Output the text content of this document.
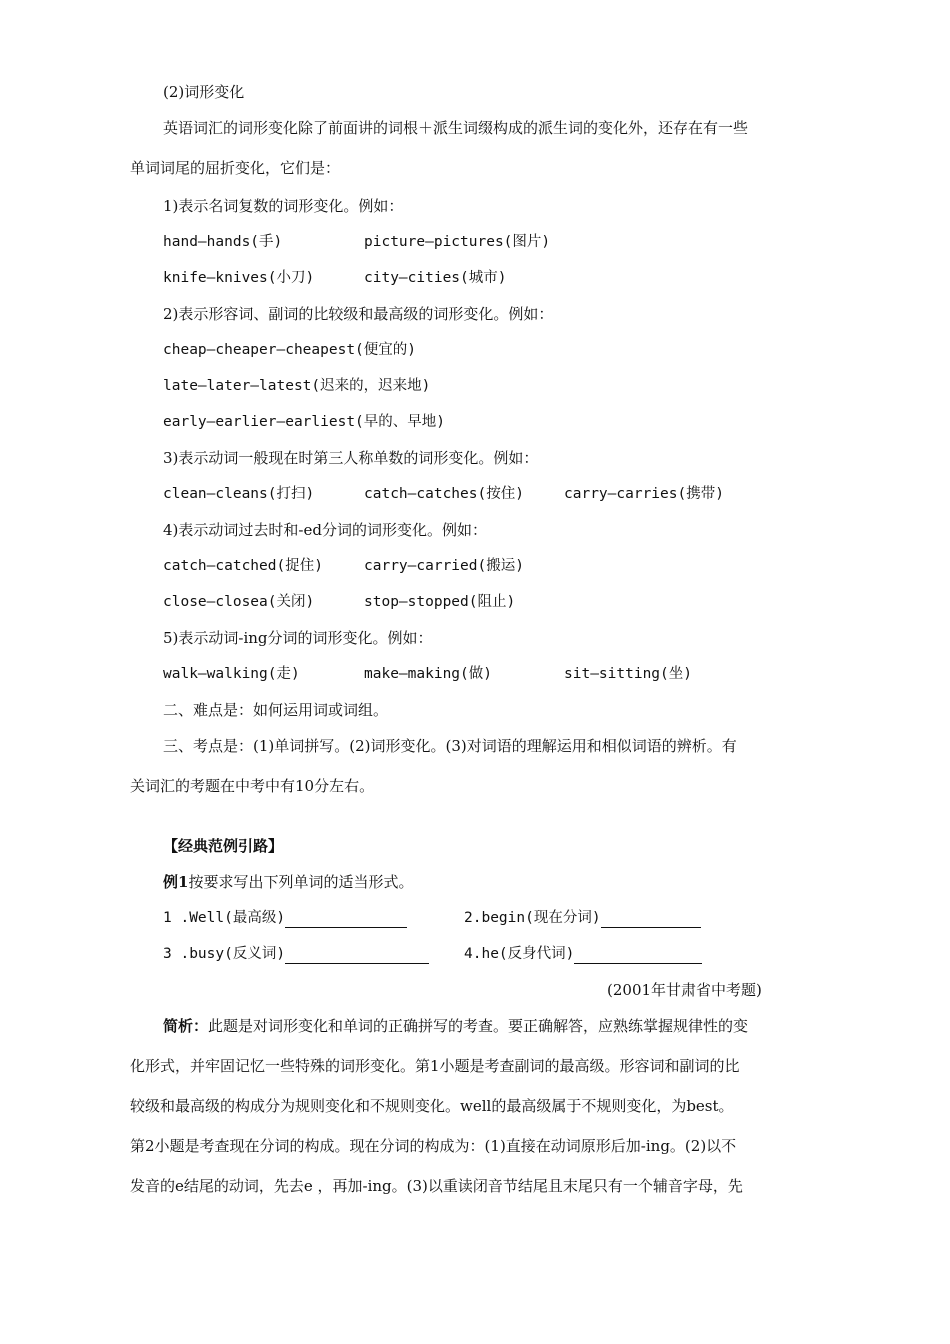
(2)词形变化
英语词汇的词形变化除了前面讲的词根＋派生词缀构成的派生词的变化外，还存在有一些
单词词尾的屈折变化，它们是：
1)表示名词复数的词形变化。例如：
hand—hands(手)	picture—pictures(图片)
knife—knives(小刀)	city—cities(城市)
2)表示形容词、副词的比较级和最高级的词形变化。例如：
cheap—cheaper—cheapest(便宜的)
late—later—latest(迟来的，迟来地)
early—earlier—earliest(早的、早地)
3)表示动词一般现在时第三人称单数的词形变化。例如：
clean—cleans(打扫)	catch—catches(按住)	carry—carries(携带)
4)表示动词过去时和-ed分词的词形变化。例如：
catch—catched(捉住)	carry—carried(搬运)
close—closea(关闭)	stop—stopped(阻止)
5)表示动词-ing分词的词形变化。例如：
walk—walking(走)	make—making(做)	sit—sitting(坐)
二、难点是：如何运用词或词组。
三、考点是：(1)单词拼写。(2)词形变化。(3)对词语的理解运用和相似词语的辨析。有
关词汇的考题在中考中有10分左右。
【经典范例引路】
例1按要求写出下列单词的适当形式。
1 .Well(最高级)	2.begin(现在分词)
3 .busy(反义词)	4.he(反身代词)
(2001年甘肃省中考题)
简析：此题是对词形变化和单词的正确拼写的考查。要正确解答，应熟练掌握规律性的变
化形式，并牢固记忆一些特殊的词形变化。第1小题是考查副词的最高级。形容词和副词的比
较级和最高级的构成分为规则变化和不规则变化。well的最高级属于不规则变化，为best。
第2小题是考查现在分词的构成。现在分词的构成为：(1)直接在动词原形后加-ing。(2)以不
发音的e结尾的动词，先去e ，再加-ing。(3)以重读闭音节结尾且末尾只有一个辅音字母，先
